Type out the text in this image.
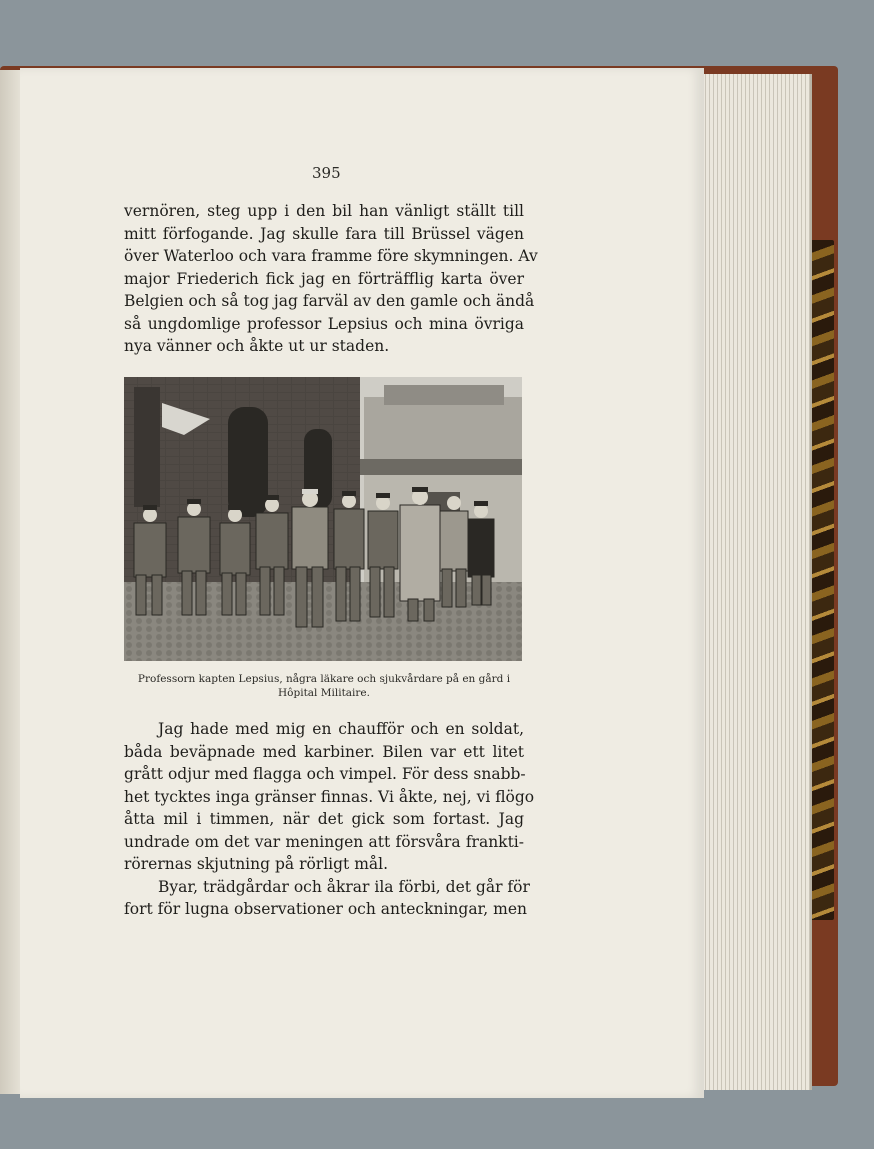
395

vernören, steg upp i den bil han vänligt ställt till
mitt förfogande. Jag skulle fara till Brüssel vägen
över Waterloo och vara framme före skymningen. Av
major Friederich fick jag en förträfflig karta över
Belgien och så tog jag farväl av den gamle och ändå
så ungdomlige professor Lepsius och mina övriga
nya vänner och åkte ut ur staden.

Professorn kapten Lepsius, några läkare och sjukvårdare på en gård i
Hôpital Militaire.

Jag hade med mig en chaufför och en soldat,
båda beväpnade med karbiner. Bilen var ett litet
grått odjur med flagga och vimpel. För dess snabb-
het tycktes inga gränser finnas. Vi åkte, nej, vi flögo
åtta mil i timmen, när det gick som fortast. Jag
undrade om det var meningen att försvåra frankti-
rörernas skjutning på rörligt mål.
Byar, trädgårdar och åkrar ila förbi, det går för
fort för lugna observationer och anteckningar, men
